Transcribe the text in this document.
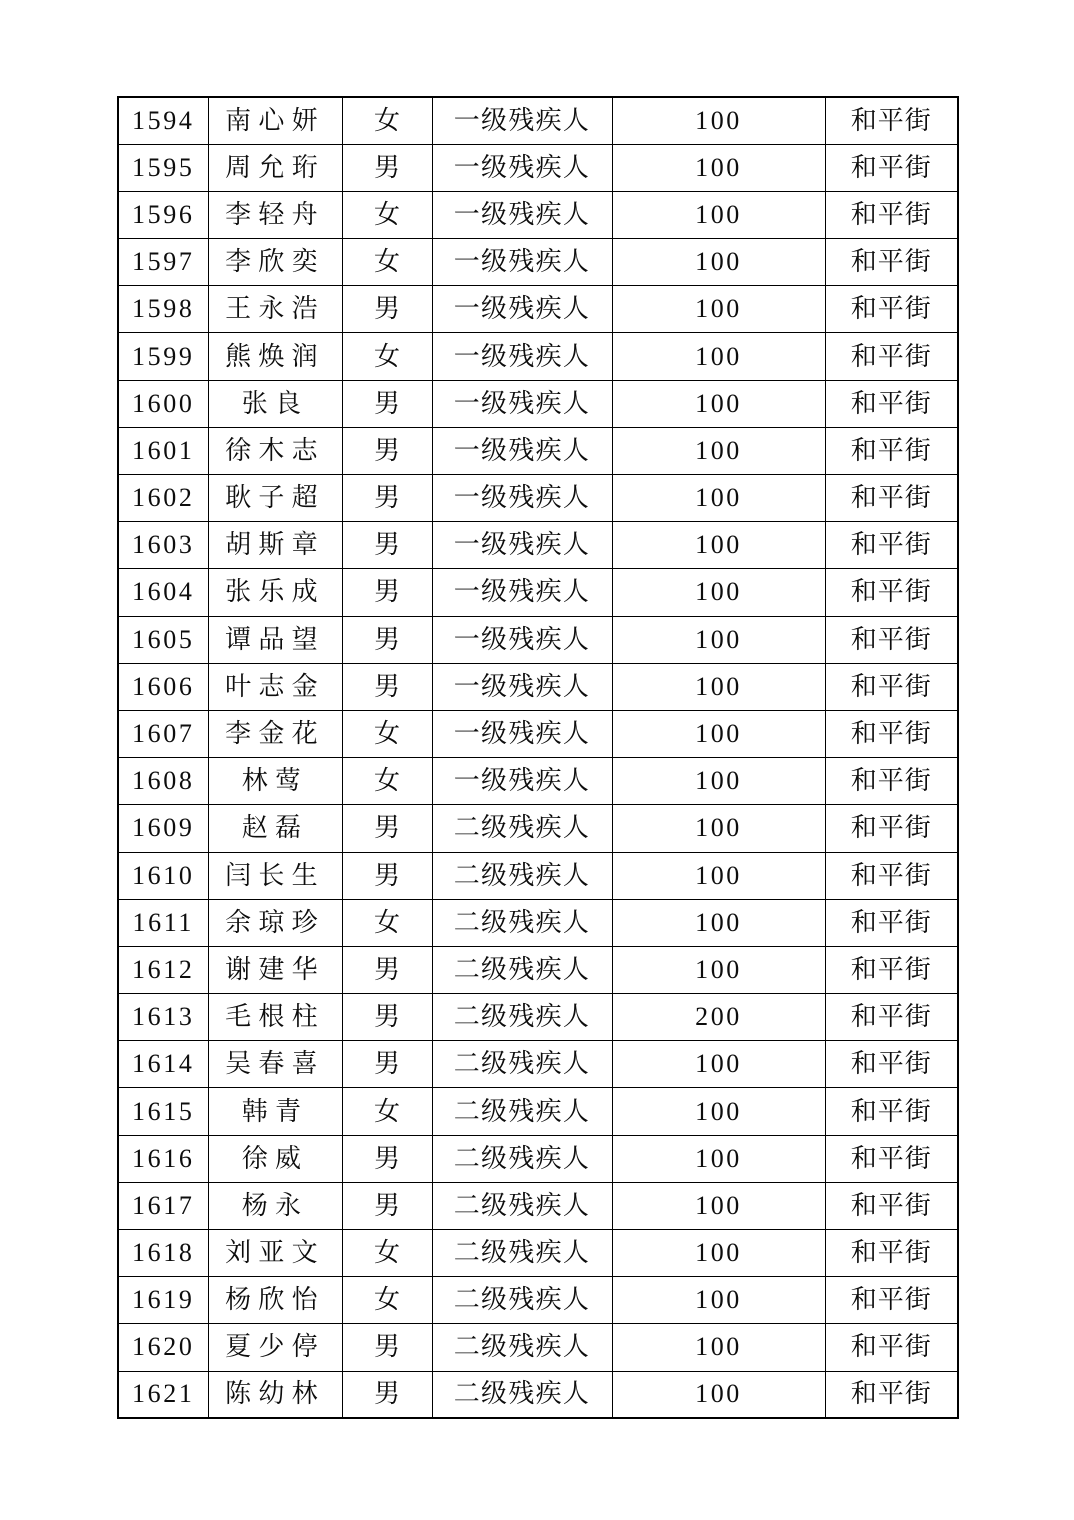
1594	南心妍	女	一级残疾人	100	和平街
1595	周允珩	男	一级残疾人	100	和平街
1596	李轻舟	女	一级残疾人	100	和平街
1597	李欣奕	女	一级残疾人	100	和平街
1598	王永浩	男	一级残疾人	100	和平街
1599	熊焕润	女	一级残疾人	100	和平街
1600	张良	男	一级残疾人	100	和平街
1601	徐木志	男	一级残疾人	100	和平街
1602	耿子超	男	一级残疾人	100	和平街
1603	胡斯章	男	一级残疾人	100	和平街
1604	张乐成	男	一级残疾人	100	和平街
1605	谭品望	男	一级残疾人	100	和平街
1606	叶志金	男	一级残疾人	100	和平街
1607	李金花	女	一级残疾人	100	和平街
1608	林莺	女	一级残疾人	100	和平街
1609	赵磊	男	二级残疾人	100	和平街
1610	闫长生	男	二级残疾人	100	和平街
1611	余琼珍	女	二级残疾人	100	和平街
1612	谢建华	男	二级残疾人	100	和平街
1613	毛根柱	男	二级残疾人	200	和平街
1614	吴春喜	男	二级残疾人	100	和平街
1615	韩青	女	二级残疾人	100	和平街
1616	徐威	男	二级残疾人	100	和平街
1617	杨永	男	二级残疾人	100	和平街
1618	刘亚文	女	二级残疾人	100	和平街
1619	杨欣怡	女	二级残疾人	100	和平街
1620	夏少停	男	二级残疾人	100	和平街
1621	陈幼林	男	二级残疾人	100	和平街
